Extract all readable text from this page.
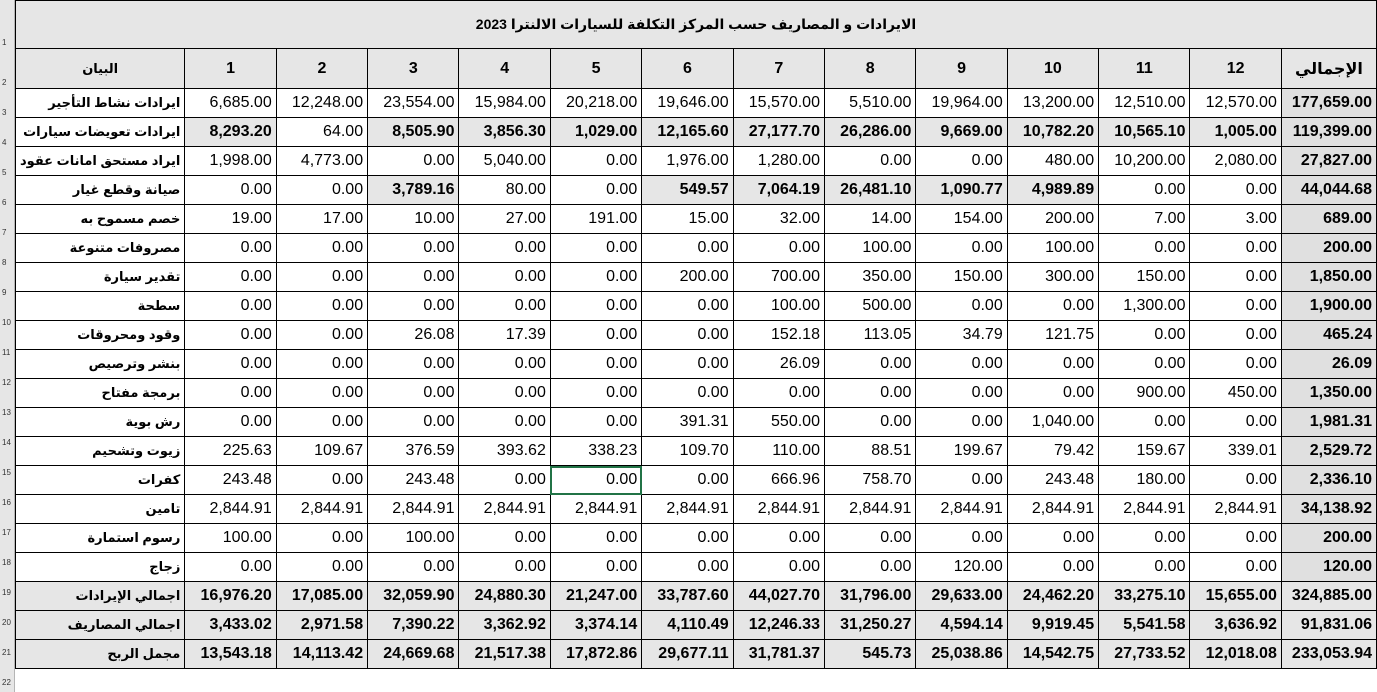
1
2
3
4
5
6
7
8
9
10
11
12
13
14
15
16
17
18
19
20
21
22
الايرادات و المصاريف حسب المركز التكلفة للسيارات الالنترا 2023													
البيان	1	2	3	4	5	6	7	8	9	10	11	12	الإجمالي
ايرادات نشاط التأجير	6,685.00	12,248.00	23,554.00	15,984.00	20,218.00	19,646.00	15,570.00	5,510.00	19,964.00	13,200.00	12,510.00	12,570.00	177,659.00
ايرادات تعويضات سيارات	8,293.20	64.00	8,505.90	3,856.30	1,029.00	12,165.60	27,177.70	26,286.00	9,669.00	10,782.20	10,565.10	1,005.00	119,399.00
ايراد مستحق امانات عقود	1,998.00	4,773.00	0.00	5,040.00	0.00	1,976.00	1,280.00	0.00	0.00	480.00	10,200.00	2,080.00	27,827.00
صيانة وقطع غيار	0.00	0.00	3,789.16	80.00	0.00	549.57	7,064.19	26,481.10	1,090.77	4,989.89	0.00	0.00	44,044.68
خصم مسموح به	19.00	17.00	10.00	27.00	191.00	15.00	32.00	14.00	154.00	200.00	7.00	3.00	689.00
مصروفات متنوعة	0.00	0.00	0.00	0.00	0.00	0.00	0.00	100.00	0.00	100.00	0.00	0.00	200.00
تقدير سيارة	0.00	0.00	0.00	0.00	0.00	200.00	700.00	350.00	150.00	300.00	150.00	0.00	1,850.00
سطحة	0.00	0.00	0.00	0.00	0.00	0.00	100.00	500.00	0.00	0.00	1,300.00	0.00	1,900.00
وقود ومحروقات	0.00	0.00	26.08	17.39	0.00	0.00	152.18	113.05	34.79	121.75	0.00	0.00	465.24
بنشر وترصيص	0.00	0.00	0.00	0.00	0.00	0.00	26.09	0.00	0.00	0.00	0.00	0.00	26.09
برمجة مفتاح	0.00	0.00	0.00	0.00	0.00	0.00	0.00	0.00	0.00	0.00	900.00	450.00	1,350.00
رش بوية	0.00	0.00	0.00	0.00	0.00	391.31	550.00	0.00	0.00	1,040.00	0.00	0.00	1,981.31
زيوت وتشحيم	225.63	109.67	376.59	393.62	338.23	109.70	110.00	88.51	199.67	79.42	159.67	339.01	2,529.72
كفرات	243.48	0.00	243.48	0.00	0.00	0.00	666.96	758.70	0.00	243.48	180.00	0.00	2,336.10
تامين	2,844.91	2,844.91	2,844.91	2,844.91	2,844.91	2,844.91	2,844.91	2,844.91	2,844.91	2,844.91	2,844.91	2,844.91	34,138.92
رسوم استمارة	100.00	0.00	100.00	0.00	0.00	0.00	0.00	0.00	0.00	0.00	0.00	0.00	200.00
زجاج	0.00	0.00	0.00	0.00	0.00	0.00	0.00	0.00	120.00	0.00	0.00	0.00	120.00
اجمالي الإيرادات	16,976.20	17,085.00	32,059.90	24,880.30	21,247.00	33,787.60	44,027.70	31,796.00	29,633.00	24,462.20	33,275.10	15,655.00	324,885.00
اجمالي المصاريف	3,433.02	2,971.58	7,390.22	3,362.92	3,374.14	4,110.49	12,246.33	31,250.27	4,594.14	9,919.45	5,541.58	3,636.92	91,831.06
مجمل الربح	13,543.18	14,113.42	24,669.68	21,517.38	17,872.86	29,677.11	31,781.37	545.73	25,038.86	14,542.75	27,733.52	12,018.08	233,053.94
